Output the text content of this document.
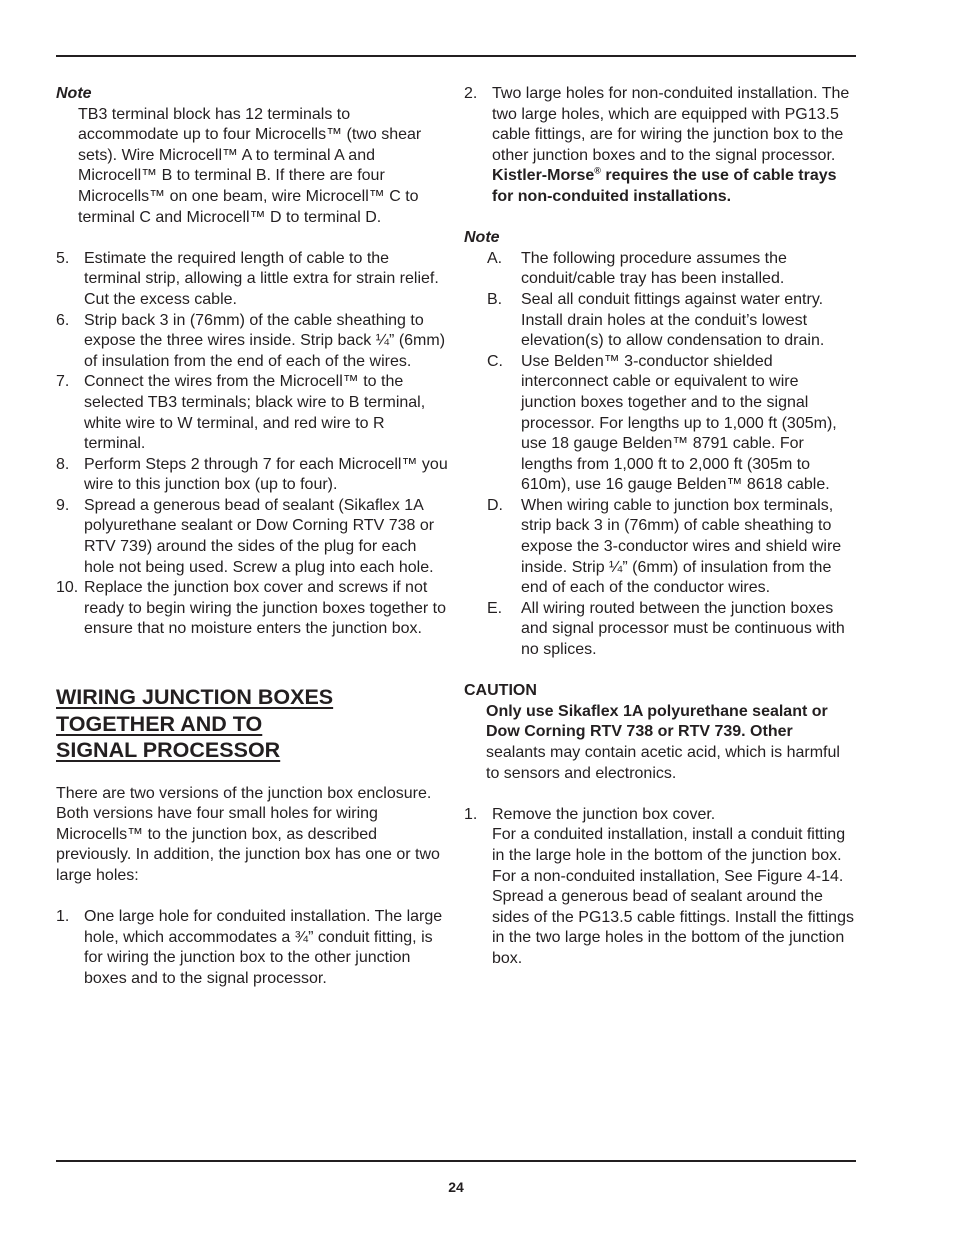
Note
TB3 terminal block has 12 terminals to accommodate up to four Microcells™ (two shear sets). Wire Microcell™ A to terminal A and Microcell™ B to terminal B. If there are four Microcells™ on one beam, wire Microcell™ C to terminal C and Microcell™ D to terminal D.
5. Estimate the required length of cable to the terminal strip, allowing a little extra for strain relief. Cut the excess cable.
6. Strip back 3 in (76mm) of the cable sheathing to expose the three wires inside. Strip back ¼” (6mm) of insulation from the end of each of the wires.
7. Connect the wires from the Microcell™ to the selected TB3 terminals; black wire to B terminal, white wire to W terminal, and red wire to R terminal.
8. Perform Steps 2 through 7 for each Microcell™ you wire to this junction box (up to four).
9. Spread a generous bead of sealant (Sikaflex 1A polyurethane sealant or Dow Corning RTV 738 or RTV 739) around the sides of the plug for each hole not being used. Screw a plug into each hole.
10. Replace the junction box cover and screws if not ready to begin wiring the junction boxes together to ensure that no moisture enters the junction box.
WIRING JUNCTION BOXES
TOGETHER AND TO
SIGNAL PROCESSOR
There are two versions of the junction box enclosure. Both versions have four small holes for wiring Microcells™ to the junction box, as described previously. In addition, the junction box has one or two large holes:
1. One large hole for conduited installation. The large hole, which accommodates a ¾” conduit fitting, is for wiring the junction box to the other junction boxes and to the signal processor.
2. Two large holes for non-conduited installation. The two large holes, which are equipped with PG13.5 cable fittings, are for wiring the junction box to the other junction boxes and to the signal processor.
Kistler-Morse® requires the use of cable trays for non-conduited installations.
Note
A. The following procedure assumes the conduit/cable tray has been installed.
B. Seal all conduit fittings against water entry. Install drain holes at the conduit’s lowest elevation(s) to allow condensation to drain.
C. Use Belden™ 3-conductor shielded interconnect cable or equivalent to wire junction boxes together and to the signal processor. For lengths up to 1,000 ft (305m), use 18 gauge Belden™ 8791 cable. For lengths from 1,000 ft to 2,000 ft (305m to 610m), use 16 gauge Belden™ 8618 cable.
D. When wiring cable to junction box terminals, strip back 3 in (76mm) of cable sheathing to expose the 3-conductor wires and shield wire inside. Strip ¼” (6mm) of insulation from the end of each of the conductor wires.
E. All wiring routed between the junction boxes and signal processor must be continuous with no splices.
CAUTION
Only use Sikaflex 1A polyurethane sealant or Dow Corning RTV 738 or RTV 739. Other sealants may contain acetic acid, which is harmful to sensors and electronics.
1. Remove the junction box cover.
For a conduited installation, install a conduit fitting in the large hole in the bottom of the junction box.
For a non-conduited installation, See Figure 4-14. Spread a generous bead of sealant around the sides of the PG13.5 cable fittings. Install the fittings in the two large holes in the bottom of the junction box.
24
